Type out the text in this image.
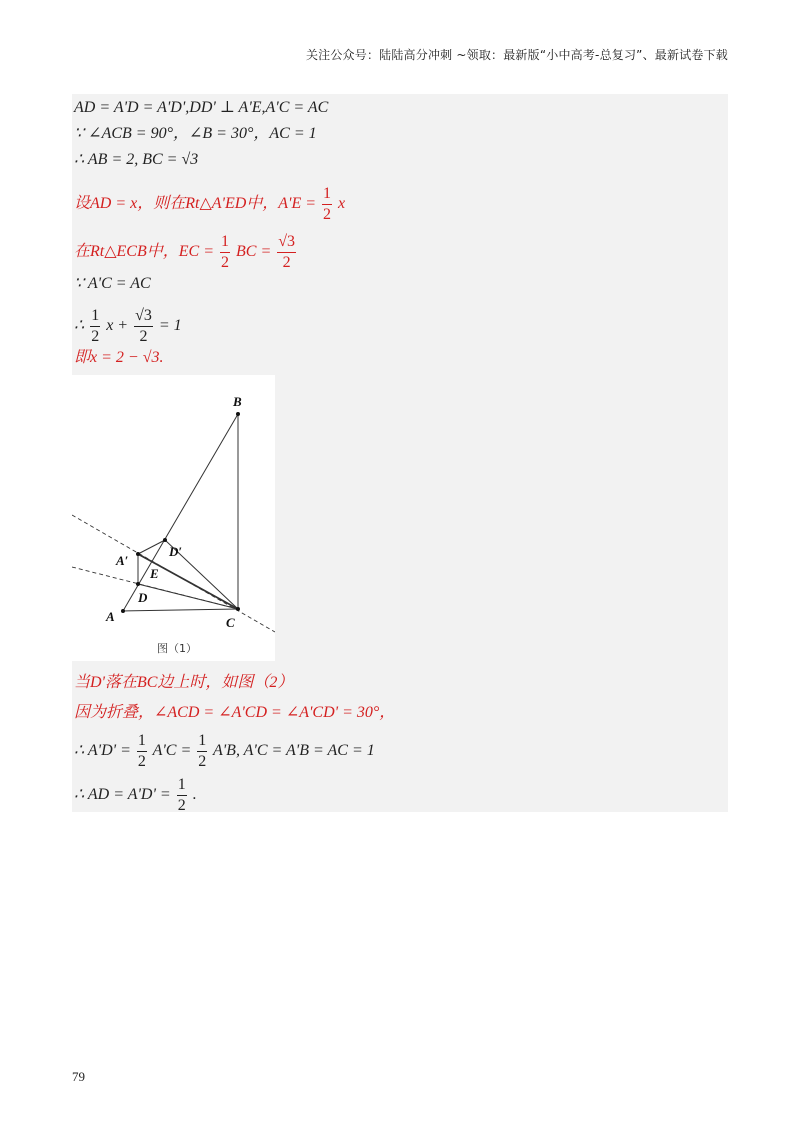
关注公众号：陆陆高分冲刺 ~领取：最新版“小中高考-总复习”、最新试卷下载
AD = A'D = A'D',DD' ⊥ A'E,A'C = AC
∵ ∠ACB = 90°，∠B = 30°，AC = 1
∴ AB = 2, BC = √3
设AD = x，则在Rt△A'ED中，$A'E = \frac{1}{2}$ x
在Rt△ECB中，EC = $\frac{1}{2}$ BC = $\frac{√3}{2}$
∵ A'C = AC
∴ $\frac{1}{2}$ $x + \frac{√3}{2} = 1$
即x = 2 − √3.
B
D′
A′
E
D
A	C
图（1）
当D'落在BC边上时，如图（2）
因为折叠，∠ACD = ∠A'CD = ∠A'CD' = 30°，
∴ $A'D' = \frac{1}{2} A'C = \frac{1}{2} A'B$, A'C = A'B = AC = 1
∴ AD = $A'D' = \frac{1}{2}$ .
79
